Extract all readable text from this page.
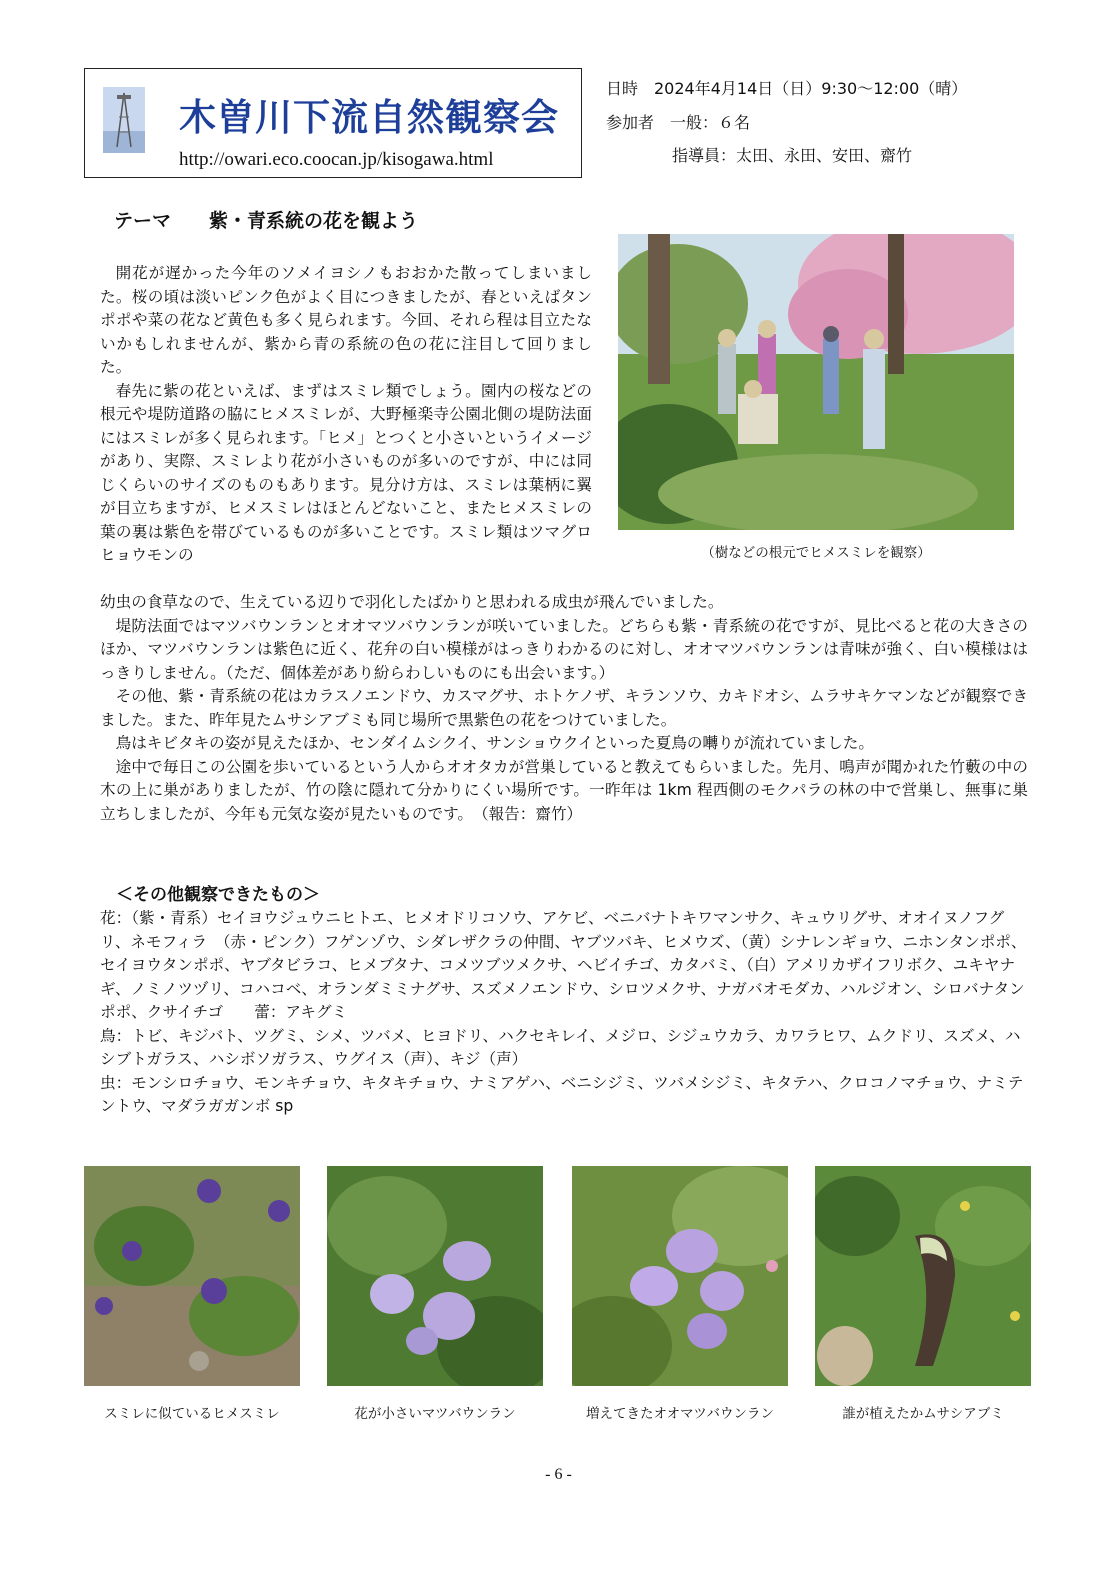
木曽川下流自然観察会
http://owari.eco.coocan.jp/kisogawa.html
日時　2024年4月14日（日）9:30～12:00（晴）
参加者　一般：６名
指導員：太田、永田、安田、齋竹
テーマ　　紫・青系統の花を観よう

開花が遅かった今年のソメイヨシノもおおかた散ってしまいました。桜の頃は淡いピンク色がよく目につきましたが、春といえばタンポポや菜の花など黄色も多く見られます。今回、それら程は目立たないかもしれませんが、紫から青の系統の色の花に注目して回りました。

春先に紫の花といえば、まずはスミレ類でしょう。園内の桜などの根元や堤防道路の脇にヒメスミレが、大野極楽寺公園北側の堤防法面にはスミレが多く見られます。「ヒメ」とつくと小さいというイメージがあり、実際、スミレより花が小さいものが多いのですが、中には同じくらいのサイズのものもあります。見分け方は、スミレは葉柄に翼が目立ちますが、ヒメスミレはほとんどないこと、またヒメスミレの葉の裏は紫色を帯びているものが多いことです。スミレ類はツマグロヒョウモンの	（樹などの根元でヒメスミレを観察）

幼虫の食草なので、生えている辺りで羽化したばかりと思われる成虫が飛んでいました。

堤防法面ではマツバウンランとオオマツバウンランが咲いていました。どちらも紫・青系統の花ですが、見比べると花の大きさのほか、マツバウンランは紫色に近く、花弁の白い模様がはっきりわかるのに対し、オオマツバウンランは青味が強く、白い模様ははっきりしません。（ただ、個体差があり紛らわしいものにも出会います。）

その他、紫・青系統の花はカラスノエンドウ、カスマグサ、ホトケノザ、キランソウ、カキドオシ、ムラサキケマンなどが観察できました。また、昨年見たムサシアブミも同じ場所で黒紫色の花をつけていました。

鳥はキビタキの姿が見えたほか、センダイムシクイ、サンショウクイといった夏鳥の囀りが流れていました。

途中で毎日この公園を歩いているという人からオオタカが営巣していると教えてもらいました。先月、鳴声が聞かれた竹藪の中の木の上に巣がありましたが、竹の陰に隠れて分かりにくい場所です。一昨年は 1km 程西側のモクパラの林の中で営巣し、無事に巣立ちしましたが、今年も元気な姿が見たいものです。　（報告：齋竹）

＜その他観察できたもの＞
花：（紫・青系）セイヨウジュウニヒトエ、ヒメオドリコソウ、アケビ、ベニバナトキワマンサク、キュウリグサ、オオイヌノフグリ、ネモフィラ　（赤・ピンク）フゲンゾウ、シダレザクラの仲間、ヤブツバキ、ヒメウズ、（黄）シナレンギョウ、ニホンタンポポ、セイヨウタンポポ、ヤブタビラコ、ヒメブタナ、コメツブツメクサ、ヘビイチゴ、カタバミ、（白）アメリカザイフリボク、ユキヤナギ、ノミノツヅリ、コハコベ、オランダミミナグサ、スズメノエンドウ、シロツメクサ、ナガバオモダカ、ハルジオン、シロバナタンポポ、クサイチゴ　　蕾：アキグミ
鳥：トビ、キジバト、ツグミ、シメ、ツバメ、ヒヨドリ、ハクセキレイ、メジロ、シジュウカラ、カワラヒワ、ムクドリ、スズメ、ハシブトガラス、ハシボソガラス、ウグイス（声）、キジ（声）
虫：モンシロチョウ、モンキチョウ、キタキチョウ、ナミアゲハ、ベニシジミ、ツバメシジミ、キタテハ、クロコノマチョウ、ナミテントウ、マダラガガンボ sp
スミレに似ているヒメスミレ	花が小さいマツバウンラン	増えてきたオオマツバウンラン	誰が植えたかムサシアブミ
- 6 -
